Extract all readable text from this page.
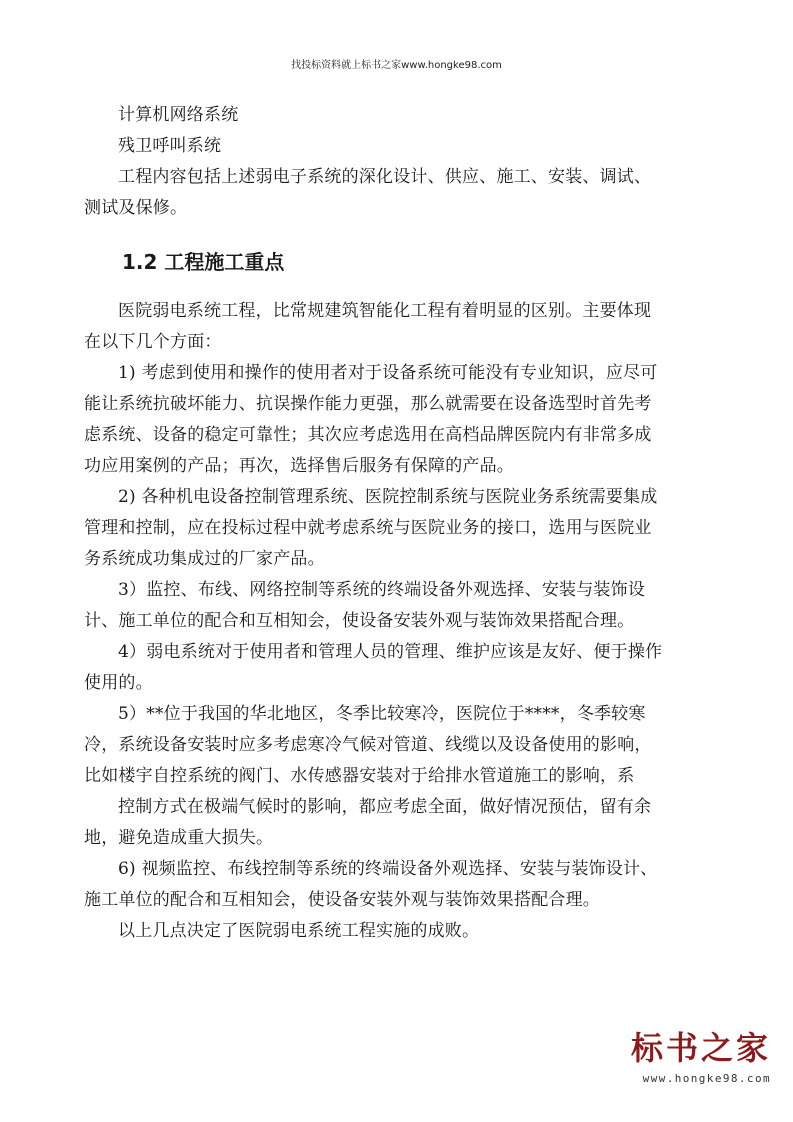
找投标资料就上标书之家www.hongke98.com
计算机网络系统
残卫呼叫系统
工程内容包括上述弱电子系统的深化设计、供应、施工、安装、调试、
测试及保修。
1.2 工程施工重点
医院弱电系统工程，比常规建筑智能化工程有着明显的区别。主要体现
在以下几个方面：
1) 考虑到使用和操作的使用者对于设备系统可能没有专业知识，应尽可
能让系统抗破坏能力、抗误操作能力更强，那么就需要在设备选型时首先考
虑系统、设备的稳定可靠性；其次应考虑选用在高档品牌医院内有非常多成
功应用案例的产品；再次，选择售后服务有保障的产品。
2) 各种机电设备控制管理系统、医院控制系统与医院业务系统需要集成
管理和控制，应在投标过程中就考虑系统与医院业务的接口，选用与医院业
务系统成功集成过的厂家产品。
3）监控、布线、网络控制等系统的终端设备外观选择、安装与装饰设
计、施工单位的配合和互相知会，使设备安装外观与装饰效果搭配合理。
4）弱电系统对于使用者和管理人员的管理、维护应该是友好、便于操作
使用的。
5）**位于我国的华北地区，冬季比较寒冷，医院位于****，冬季较寒
冷，系统设备安装时应多考虑寒冷气候对管道、线缆以及设备使用的影响，
比如楼宇自控系统的阀门、水传感器安装对于给排水管道施工的影响，系
控制方式在极端气候时的影响，都应考虑全面，做好情况预估，留有余
地，避免造成重大损失。
6) 视频监控、布线控制等系统的终端设备外观选择、安装与装饰设计、
施工单位的配合和互相知会，使设备安装外观与装饰效果搭配合理。
以上几点决定了医院弱电系统工程实施的成败。
标书之家
www.hongke98.com
